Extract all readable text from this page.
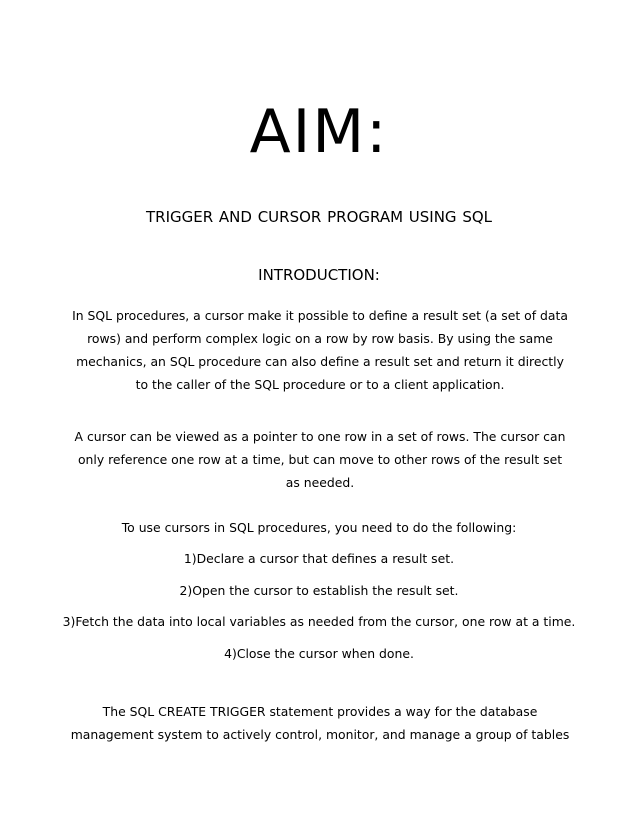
AIM:
TRIGGER AND CURSOR PROGRAM USING SQL
INTRODUCTION:
In SQL procedures, a cursor make it possible to define a result set (a set of data rows) and perform complex logic on a row by row basis. By using the same mechanics, an SQL procedure can also define a result set and return it directly to the caller of the SQL procedure or to a client application.
A cursor can be viewed as a pointer to one row in a set of rows. The cursor can only reference one row at a time, but can move to other rows of the result set as needed.
To use cursors in SQL procedures, you need to do the following:
1)Declare a cursor that defines a result set.
2)Open the cursor to establish the result set.
3)Fetch the data into local variables as needed from the cursor, one row at a time.
4)Close the cursor when done.
The SQL CREATE TRIGGER statement provides a way for the database management system to actively control, monitor, and manage a group of tables
